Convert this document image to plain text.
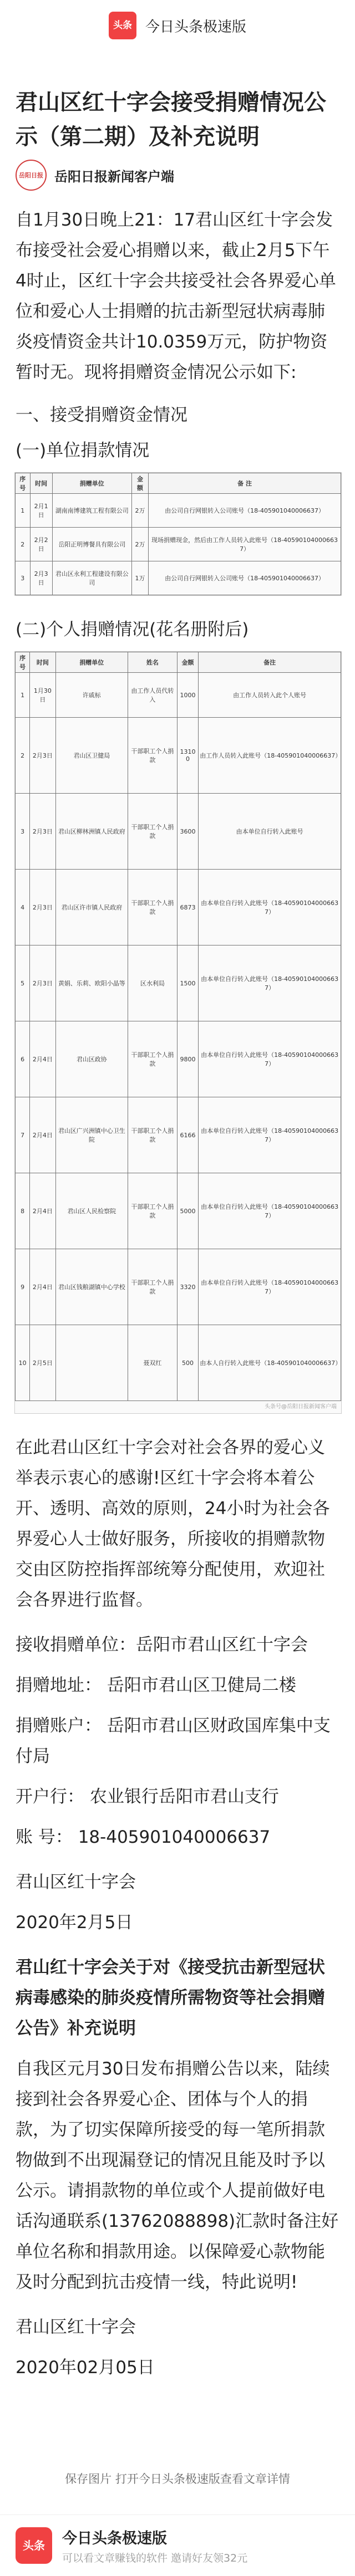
头条 今日头条极速版
君山区红十字会接受捐赠情况公示（第二期）及补充说明
岳阳日报 岳阳日报新闻客户端
自1月30日晚上21：17君山区红十字会发布接受社会爱心捐赠以来，截止2月5下午4时止，区红十字会共接受社会各界爱心单位和爱心人士捐赠的抗击新型冠状病毒肺炎疫情资金共计10.0359万元，防护物资暂时无。现将捐赠资金情况公示如下:
一、接受捐赠资金情况
(一)单位捐款情况
序号	时间	捐赠单位	金 额	备 注
1	2月1日	湖南南博建筑工程有限公司	2万	由公司自行网银转入公司账号（18-405901040006637）
2	2月2日	岳阳正明博餐具有限公司	2万	现场捐赠现金，然后由工作人员转入此账号（18-405901040006637）
3	2月3日	君山区永利工程建设有限公司	1万	由公司自行网银转入公司账号（18-405901040006637）
(二)个人捐赠情况(花名册附后)
序号	时间	捐赠单位	姓名	金额	备注
1	1月30日	许戚标	由工作人员代转入	1000	由工作人员转入此个人账号
2	2月3日	君山区卫健局	干部职工个人捐款	13100	由工作人员转入此账号（18-405901040006637）
3	2月3日	君山区柳林洲镇人民政府	干部职工个人捐款	3600	由本单位自行转入此账号
4	2月3日	君山区许市镇人民政府	干部职工个人捐款	6873	由本单位自行转入此账号（18-405901040006637）
5	2月3日	黄娟、乐莉、欧阳小晶等	区水利局	1500	由本单位自行转入此账号（18-405901040006637）
6	2月4日	君山区政协	干部职工个人捐款	9800	由本单位自行转入此账号（18-405901040006637）
7	2月4日	君山区广兴洲镇中心卫生院	干部职工个人捐款	6166	由本单位自行转入此账号（18-405901040006637）
8	2月4日	君山区人民检察院	干部职工个人捐款	5000	由本单位自行转入此账号（18-405901040006637）
9	2月4日	君山区钱粮湖镇中心学校	干部职工个人捐款	3320	由本单位自行转入此账号（18-405901040006637）
10	2月5日		聂双红	500	由本人自行转入此账号（18-405901040006637）
头条号@岳阳日报新闻客户端
在此君山区红十字会对社会各界的爱心义举表示衷心的感谢!区红十字会将本着公开、透明、高效的原则，24小时为社会各界爱心人士做好服务，所接收的捐赠款物交由区防控指挥部统筹分配使用，欢迎社会各界进行监督。
接收捐赠单位：岳阳市君山区红十字会
捐赠地址： 岳阳市君山区卫健局二楼
捐赠账户： 岳阳市君山区财政国库集中支付局
开户行： 农业银行岳阳市君山支行
账 号： 18-405901040006637
君山区红十字会
2020年2月5日
君山红十字会关于对《接受抗击新型冠状病毒感染的肺炎疫情所需物资等社会捐赠公告》补充说明
自我区元月30日发布捐赠公告以来，陆续接到社会各界爱心企、团体与个人的捐款，为了切实保障所接受的每一笔所捐款物做到不出现漏登记的情况且能及时予以公示。请捐款物的单位或个人提前做好电话沟通联系(13762088898)汇款时备注好单位名称和捐款用途。以保障爱心款物能及时分配到抗击疫情一线，特此说明!
君山区红十字会
2020年02月05日
保存图片 打开今日头条极速版查看文章详情
头条	今日头条极速版
可以看文章赚钱的软件 邀请好友领32元
